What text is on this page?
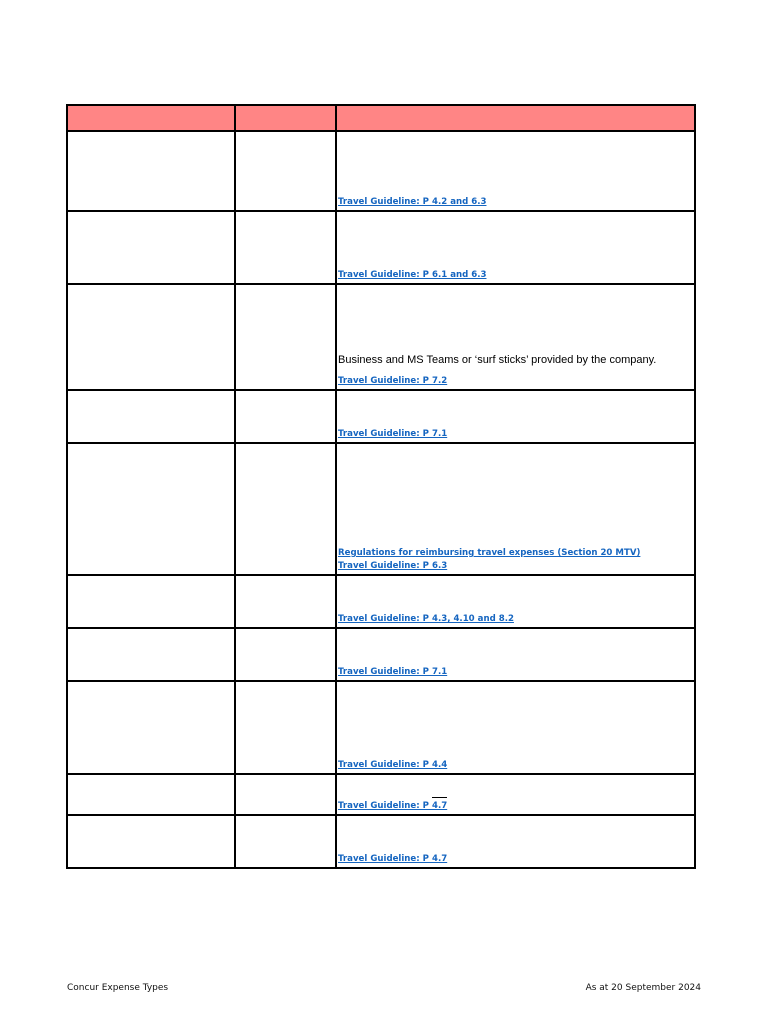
		Travel Guideline: P 4.2 and 6.3

		Travel Guideline: P 6.1 and 6.3

		Business and MS Teams or ‘surf sticks’ provided by the company.
Travel Guideline: P 7.2

		Travel Guideline: P 7.1

		Regulations for reimbursing travel expenses (Section 20 MTV)
Travel Guideline: P 6.3

		Travel Guideline: P 4.3, 4.10 and 8.2

		Travel Guideline: P 7.1

		Travel Guideline: P 4.4

		Travel Guideline: P 4.7

		Travel Guideline: P 4.7
Concur Expense Types	As at 20 September 2024
